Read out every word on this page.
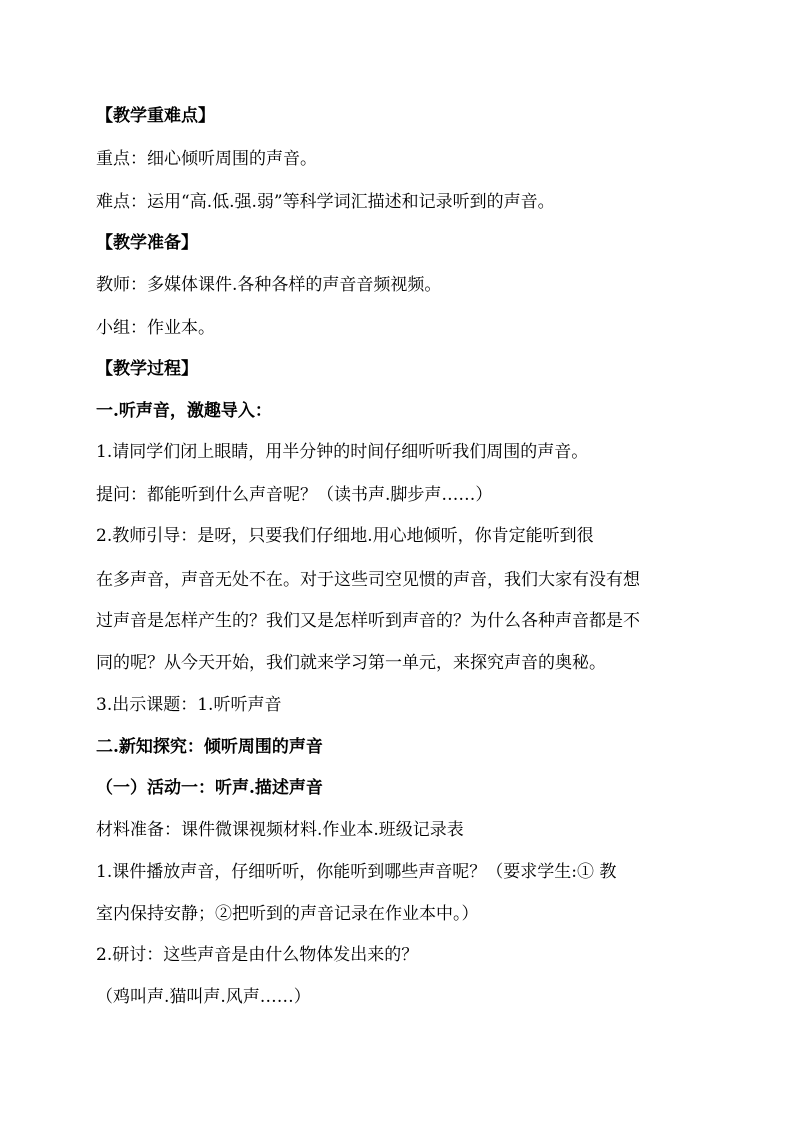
【教学重难点】
重点：细心倾听周围的声音。
难点：运用“高.低.强.弱”等科学词汇描述和记录听到的声音。
【教学准备】
教师：多媒体课件.各种各样的声音音频视频。
小组：作业本。
【教学过程】
一.听声音，激趣导入：
1.请同学们闭上眼睛，用半分钟的时间仔细听听我们周围的声音。
提问：都能听到什么声音呢？（读书声.脚步声……）
2.教师引导：是呀，只要我们仔细地.用心地倾听，你肯定能听到很
在多声音，声音无处不在。对于这些司空见惯的声音，我们大家有没有想
过声音是怎样产生的？我们又是怎样听到声音的？为什么各种声音都是不
同的呢？从今天开始，我们就来学习第一单元，来探究声音的奥秘。
3.出示课题：1.听听声音
二.新知探究：倾听周围的声音
（一）活动一：听声.描述声音
材料准备：课件微课视频材料.作业本.班级记录表
1.课件播放声音，仔细听听，你能听到哪些声音呢？（要求学生:① 教
室内保持安静；②把听到的声音记录在作业本中。）
2.研讨：这些声音是由什么物体发出来的？
（鸡叫声.猫叫声.风声……）
